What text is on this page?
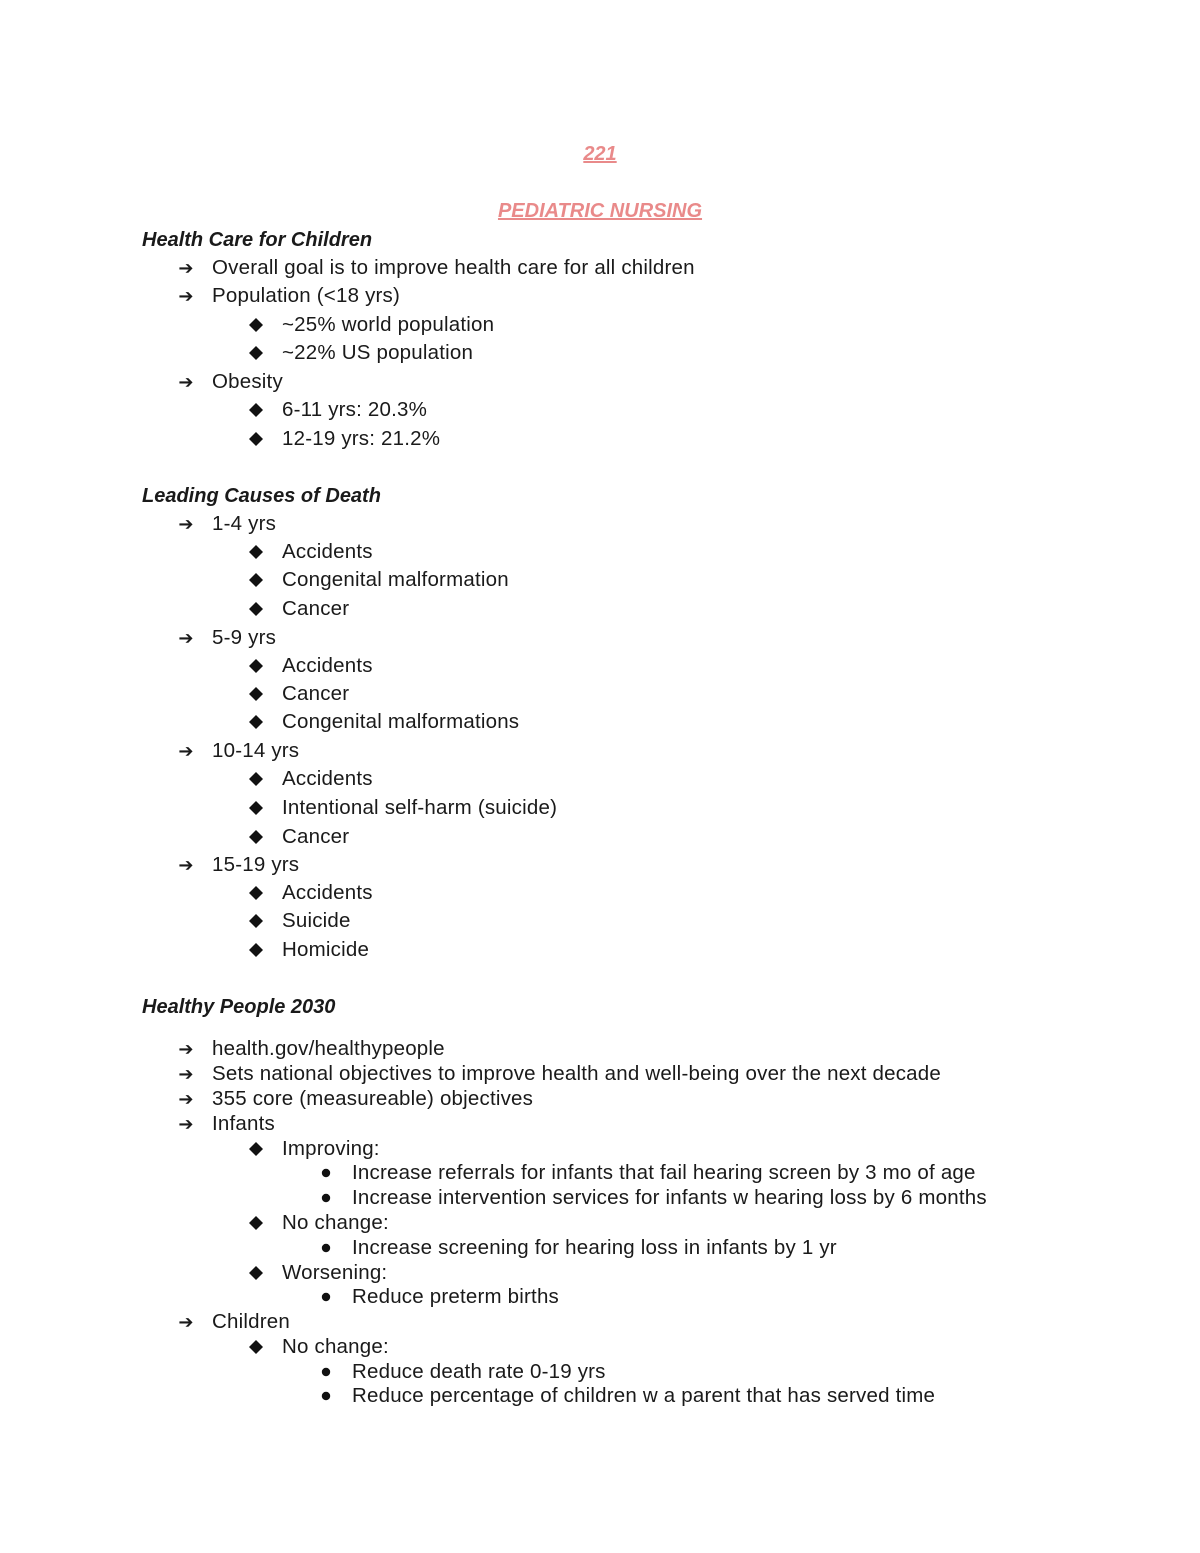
221
PEDIATRIC NURSING
Health Care for Children
➔ Overall goal is to improve health care for all children
➔ Population (<18 yrs)
~25% world population
~22% US population
➔ Obesity
6-11 yrs: 20.3%
12-19 yrs: 21.2%
Leading Causes of Death
➔ 1-4 yrs
Accidents
Congenital malformation
Cancer
➔ 5-9 yrs
Accidents
Cancer
Congenital malformations
➔ 10-14 yrs
Accidents
Intentional self-harm (suicide)
Cancer
➔ 15-19 yrs
Accidents
Suicide
Homicide
Healthy People 2030
➔ health.gov/healthypeople
➔ Sets national objectives to improve health and well-being over the next decade
➔ 355 core (measureable) objectives
➔ Infants
Improving:
Increase referrals for infants that fail hearing screen by 3 mo of age
Increase intervention services for infants w hearing loss by 6 months
No change:
Increase screening for hearing loss in infants by 1 yr
Worsening:
Reduce preterm births
➔ Children
No change:
Reduce death rate 0-19 yrs
Reduce percentage of children w a parent that has served time
